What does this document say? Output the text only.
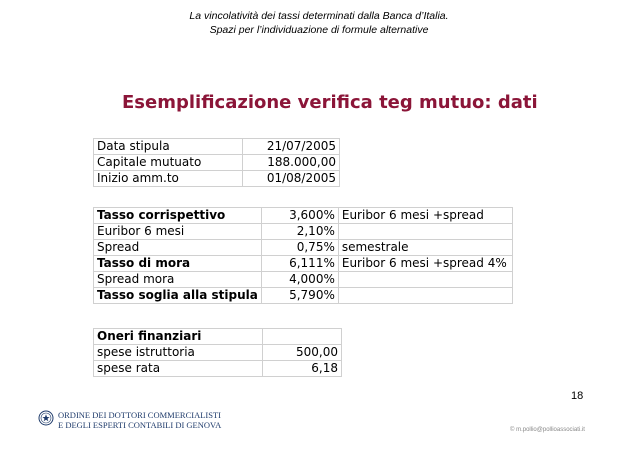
La vincolatività dei tassi determinati dalla Banca d’Italia.
Spazi per l’individuazione di formule alternative
Esemplificazione verifica teg mutuo: dati
Data stipula	21/07/2005
Capitale mutuato	188.000,00
Inizio amm.to	01/08/2005
Tasso corrispettivo	3,600%	Euribor 6 mesi +spread
Euribor 6 mesi	2,10%	
Spread	0,75%	semestrale
Tasso di mora	6,111%	Euribor 6 mesi +spread 4%
Spread mora	4,000%	
Tasso soglia alla stipula	5,790%	
Oneri finanziari	
spese istruttoria	500,00
spese rata	6,18
18
ORDINE DEI DOTTORI COMMERCIALISTI
E DEGLI ESPERTI CONTABILI DI GENOVA	© m.pollio@pollioassociati.it
